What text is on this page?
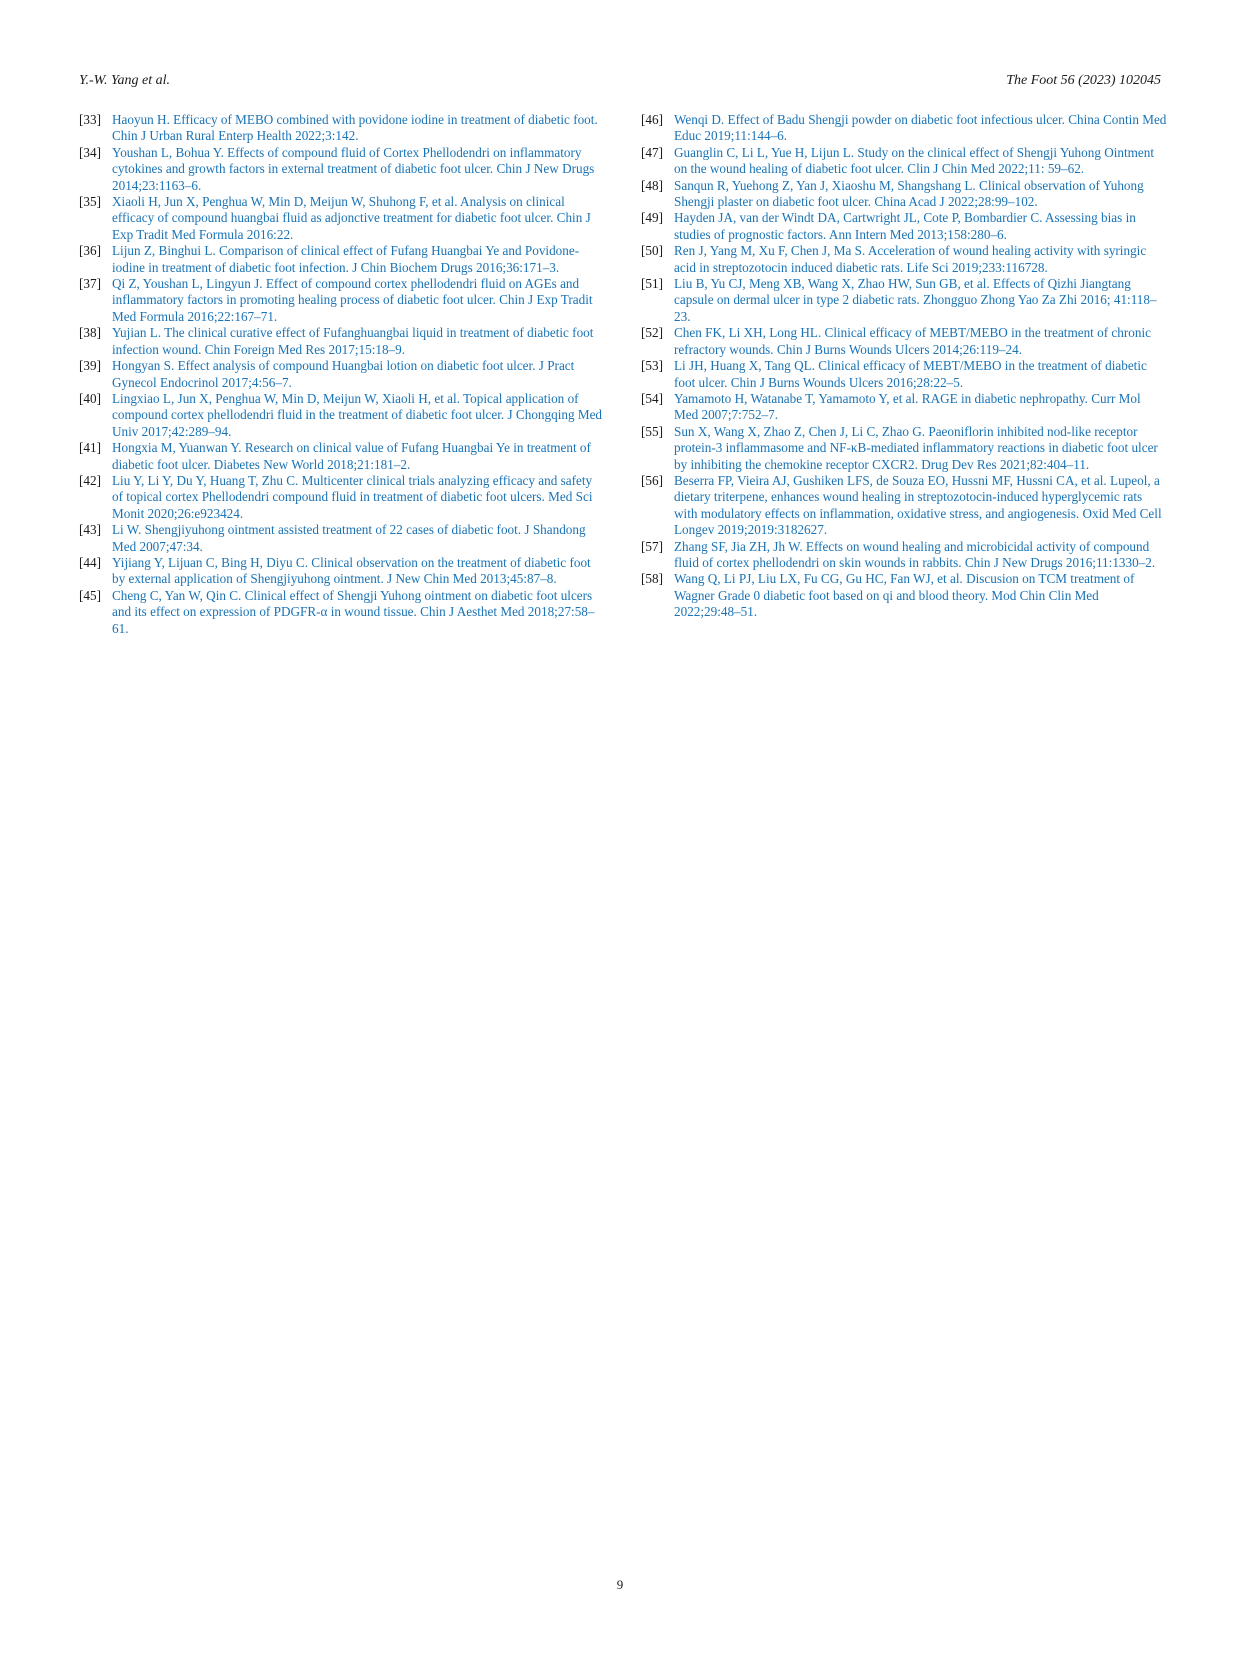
Y.-W. Yang et al.	The Foot 56 (2023) 102045
[33] Haoyun H. Efficacy of MEBO combined with povidone iodine in treatment of diabetic foot. Chin J Urban Rural Enterp Health 2022;3:142.
[34] Youshan L, Bohua Y. Effects of compound fluid of Cortex Phellodendri on inflammatory cytokines and growth factors in external treatment of diabetic foot ulcer. Chin J New Drugs 2014;23:1163–6.
[35] Xiaoli H, Jun X, Penghua W, Min D, Meijun W, Shuhong F, et al. Analysis on clinical efficacy of compound huangbai fluid as adjonctive treatment for diabetic foot ulcer. Chin J Exp Tradit Med Formula 2016:22.
[36] Lijun Z, Binghui L. Comparison of clinical effect of Fufang Huangbai Ye and Povidone-iodine in treatment of diabetic foot infection. J Chin Biochem Drugs 2016;36:171–3.
[37] Qi Z, Youshan L, Lingyun J. Effect of compound cortex phellodendri fluid on AGEs and inflammatory factors in promoting healing process of diabetic foot ulcer. Chin J Exp Tradit Med Formula 2016;22:167–71.
[38] Yujian L. The clinical curative effect of Fufanghuangbai liquid in treatment of diabetic foot infection wound. Chin Foreign Med Res 2017;15:18–9.
[39] Hongyan S. Effect analysis of compound Huangbai lotion on diabetic foot ulcer. J Pract Gynecol Endocrinol 2017;4:56–7.
[40] Lingxiao L, Jun X, Penghua W, Min D, Meijun W, Xiaoli H, et al. Topical application of compound cortex phellodendri fluid in the treatment of diabetic foot ulcer. J Chongqing Med Univ 2017;42:289–94.
[41] Hongxia M, Yuanwan Y. Research on clinical value of Fufang Huangbai Ye in treatment of diabetic foot ulcer. Diabetes New World 2018;21:181–2.
[42] Liu Y, Li Y, Du Y, Huang T, Zhu C. Multicenter clinical trials analyzing efficacy and safety of topical cortex Phellodendri compound fluid in treatment of diabetic foot ulcers. Med Sci Monit 2020;26:e923424.
[43] Li W. Shengjiyuhong ointment assisted treatment of 22 cases of diabetic foot. J Shandong Med 2007;47:34.
[44] Yijiang Y, Lijuan C, Bing H, Diyu C. Clinical observation on the treatment of diabetic foot by external application of Shengjiyuhong ointment. J New Chin Med 2013;45:87–8.
[45] Cheng C, Yan W, Qin C. Clinical effect of Shengji Yuhong ointment on diabetic foot ulcers and its effect on expression of PDGFR-α in wound tissue. Chin J Aesthet Med 2018;27:58–61.
[46] Wenqi D. Effect of Badu Shengji powder on diabetic foot infectious ulcer. China Contin Med Educ 2019;11:144–6.
[47] Guanglin C, Li L, Yue H, Lijun L. Study on the clinical effect of Shengji Yuhong Ointment on the wound healing of diabetic foot ulcer. Clin J Chin Med 2022;11: 59–62.
[48] Sanqun R, Yuehong Z, Yan J, Xiaoshu M, Shangshang L. Clinical observation of Yuhong Shengji plaster on diabetic foot ulcer. China Acad J 2022;28:99–102.
[49] Hayden JA, van der Windt DA, Cartwright JL, Cote P, Bombardier C. Assessing bias in studies of prognostic factors. Ann Intern Med 2013;158:280–6.
[50] Ren J, Yang M, Xu F, Chen J, Ma S. Acceleration of wound healing activity with syringic acid in streptozotocin induced diabetic rats. Life Sci 2019;233:116728.
[51] Liu B, Yu CJ, Meng XB, Wang X, Zhao HW, Sun GB, et al. Effects of Qizhi Jiangtang capsule on dermal ulcer in type 2 diabetic rats. Zhongguo Zhong Yao Za Zhi 2016; 41:118–23.
[52] Chen FK, Li XH, Long HL. Clinical efficacy of MEBT/MEBO in the treatment of chronic refractory wounds. Chin J Burns Wounds Ulcers 2014;26:119–24.
[53] Li JH, Huang X, Tang QL. Clinical efficacy of MEBT/MEBO in the treatment of diabetic foot ulcer. Chin J Burns Wounds Ulcers 2016;28:22–5.
[54] Yamamoto H, Watanabe T, Yamamoto Y, et al. RAGE in diabetic nephropathy. Curr Mol Med 2007;7:752–7.
[55] Sun X, Wang X, Zhao Z, Chen J, Li C, Zhao G. Paeoniflorin inhibited nod-like receptor protein-3 inflammasome and NF-κB-mediated inflammatory reactions in diabetic foot ulcer by inhibiting the chemokine receptor CXCR2. Drug Dev Res 2021;82:404–11.
[56] Beserra FP, Vieira AJ, Gushiken LFS, de Souza EO, Hussni MF, Hussni CA, et al. Lupeol, a dietary triterpene, enhances wound healing in streptozotocin-induced hyperglycemic rats with modulatory effects on inflammation, oxidative stress, and angiogenesis. Oxid Med Cell Longev 2019;2019:3182627.
[57] Zhang SF, Jia ZH, Jh W. Effects on wound healing and microbicidal activity of compound fluid of cortex phellodendri on skin wounds in rabbits. Chin J New Drugs 2016;11:1330–2.
[58] Wang Q, Li PJ, Liu LX, Fu CG, Gu HC, Fan WJ, et al. Discusion on TCM treatment of Wagner Grade 0 diabetic foot based on qi and blood theory. Mod Chin Clin Med 2022;29:48–51.
9
